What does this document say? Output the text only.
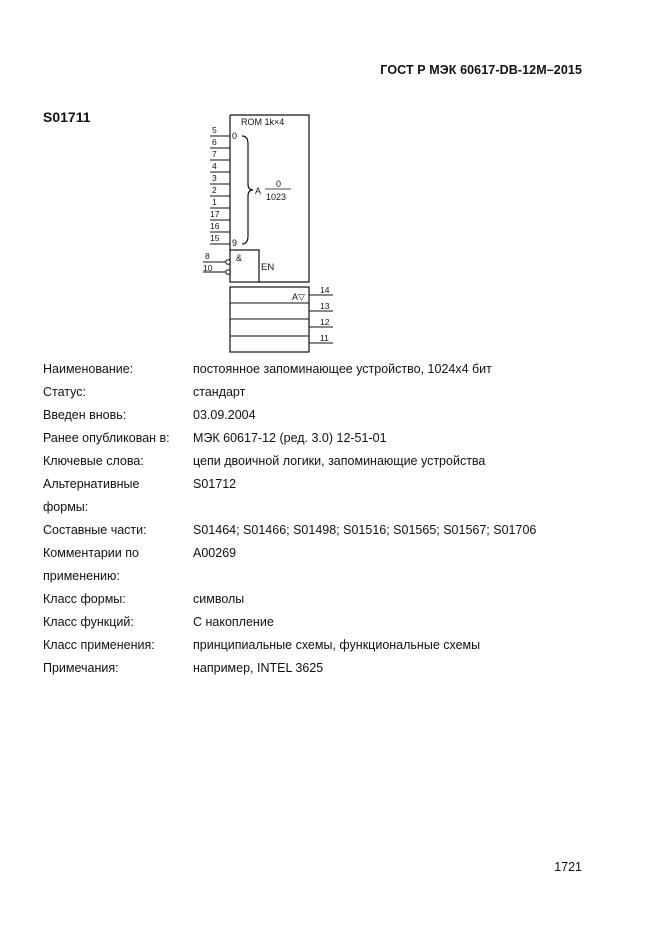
ГОСТ Р МЭК 60617-DB-12M–2015
S01711	ROM 1k×4
0
9
A
0
1023
5
6
7
4
3
2
1
17
16
15
&
EN
8
10
A▽
14
13
12
11
Наименование:	постоянное запоминающее устройство, 1024x4 бит
Статус:	стандарт
Введен вновь:	03.09.2004
Ранее опубликован в:	МЭК 60617-12 (ред. 3.0) 12-51-01
Ключевые слова:	цепи двоичной логики, запоминающие устройства
Альтернативные	S01712
формы:	
Составные части:	S01464; S01466; S01498; S01516; S01565; S01567; S01706
Комментарии по	A00269
применению:	
Класс формы:	символы
Класс функций:	С накопление
Класс применения:	принципиальные схемы, функциональные схемы
Примечания:	например, INTEL 3625
1721
